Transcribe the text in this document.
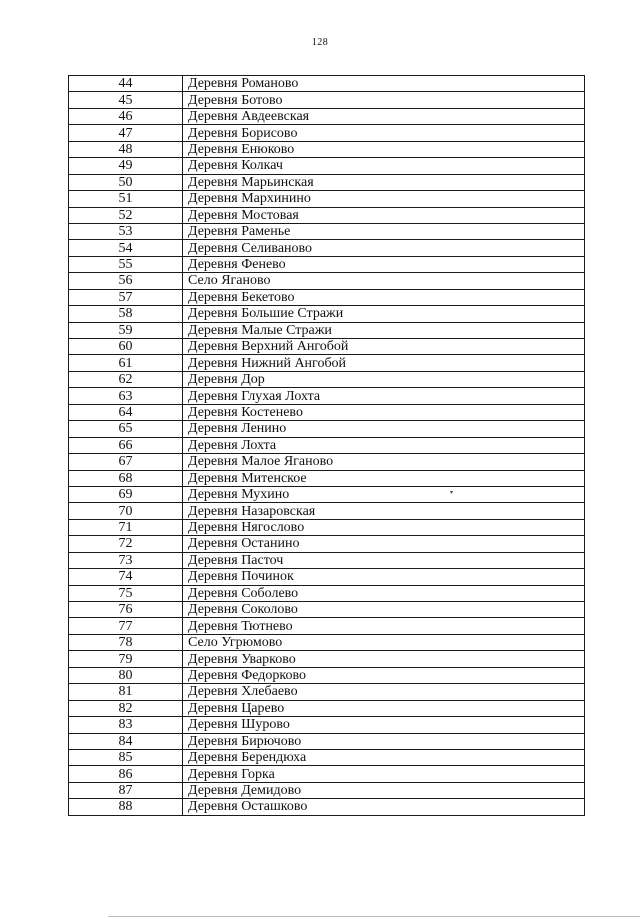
128
44	Деревня Романово
45	Деревня Ботово
46	Деревня Авдеевская
47	Деревня Борисово
48	Деревня Енюково
49	Деревня Колкач
50	Деревня Марьинская
51	Деревня Мархинино
52	Деревня Мостовая
53	Деревня Раменье
54	Деревня Селиваново
55	Деревня Фенево
56	Село Яганово
57	Деревня Бекетово
58	Деревня Большие Стражи
59	Деревня Малые Стражи
60	Деревня Верхний Ангобой
61	Деревня Нижний Ангобой
62	Деревня Дор
63	Деревня Глухая Лохта
64	Деревня Костенево
65	Деревня Ленино
66	Деревня Лохта
67	Деревня Малое Яганово
68	Деревня Митенское
69	Деревня Мухино
70	Деревня Назаровская
71	Деревня Нягослово
72	Деревня Останино
73	Деревня Пасточ
74	Деревня Починок
75	Деревня Соболево
76	Деревня Соколово
77	Деревня Тютнево
78	Село Угрюмово
79	Деревня Уварково
80	Деревня Федорково
81	Деревня Хлебаево
82	Деревня Царево
83	Деревня Шурово
84	Деревня Бирючово
85	Деревня Берендюха
86	Деревня Горка
87	Деревня Демидово
88	Деревня Осташково
▾
